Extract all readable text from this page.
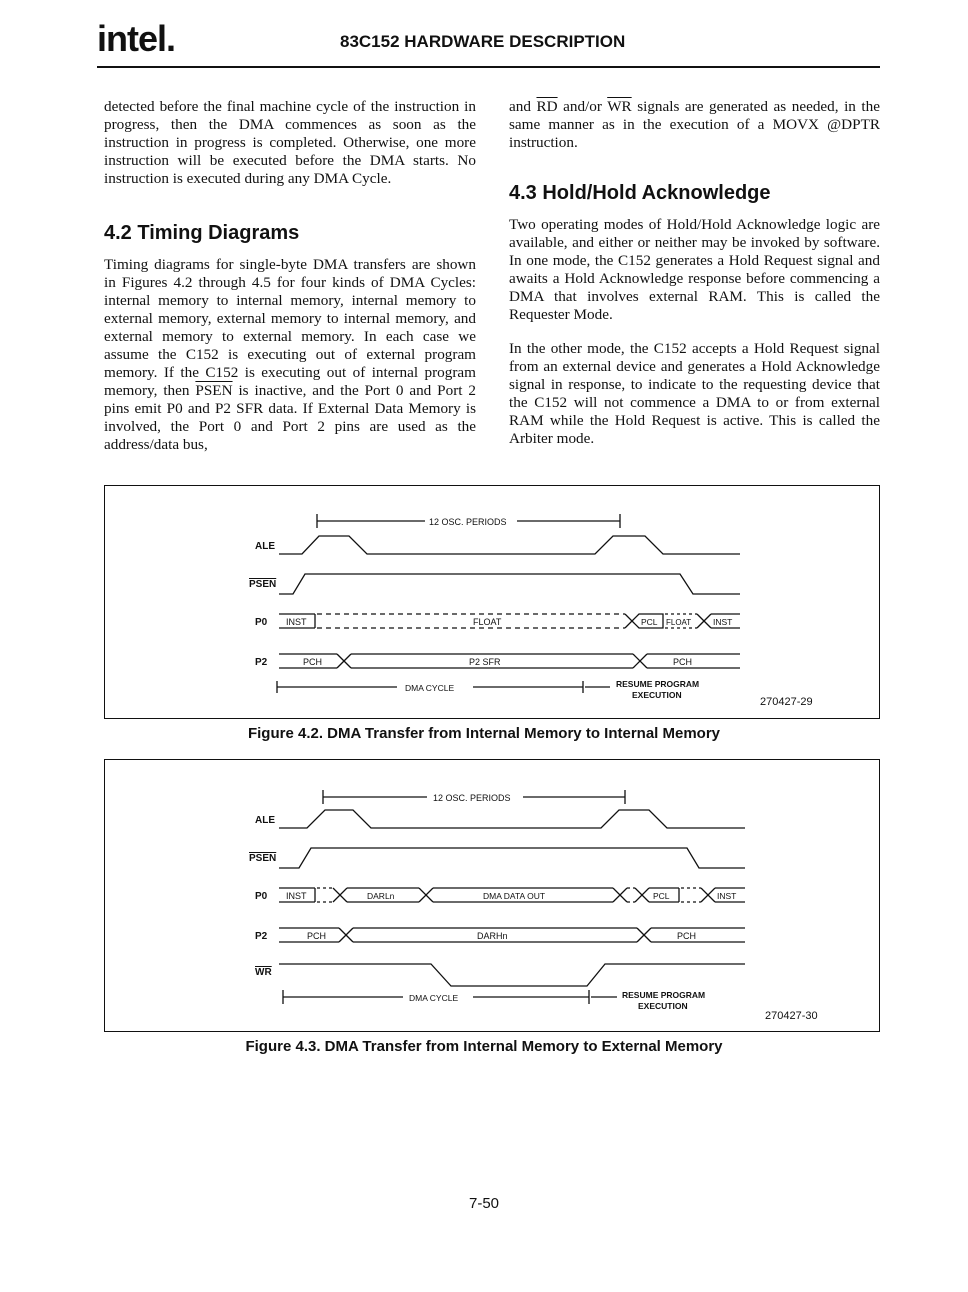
intel.	83C152 HARDWARE DESCRIPTION

detected before the final machine cycle of the instruction in progress, then the DMA commences as soon as the instruction in progress is completed. Otherwise, one more instruction will be executed before the DMA starts. No instruction is executed during any DMA Cycle.

4.2 Timing Diagrams

Timing diagrams for single-byte DMA transfers are shown in Figures 4.2 through 4.5 for four kinds of DMA Cycles: internal memory to internal memory, internal memory to external memory, external memory to internal memory, and external memory to external memory. In each case we assume the C152 is executing out of external program memory. If the C152 is executing out of internal program memory, then PSEN is inactive, and the Port 0 and Port 2 pins emit P0 and P2 SFR data. If External Data Memory is involved, the Port 0 and Port 2 pins are used as the address/data bus,

and $\overline{RD}$ and/or $\overline{WR}$ signals are generated as needed, in the same manner as in the execution of a MOVX @DPTR instruction.

4.3 Hold/Hold Acknowledge

Two operating modes of Hold/Hold Acknowledge logic are available, and either or neither may be invoked by software. In one mode, the C152 generates a Hold Request signal and awaits a Hold Acknowledge response before commencing a DMA that involves external RAM. This is called the Requester Mode.

In the other mode, the C152 accepts a Hold Request signal from an external device and generates a Hold Acknowledge signal in response, to indicate to the requesting device that the C152 will not commence a DMA to or from external RAM while the Hold Request is active. This is called the Arbiter mode.

12 OSC. PERIODS
ALE
PSEN
P0 INST	FLOAT	PCL FLOAT	INST
P2	PCH	P2 SFR	PCH
DMA CYCLE	RESUME PROGRAM
EXECUTION
270427-29
Figure 4.2. DMA Transfer from Internal Memory to Internal Memory
12 OSC. PERIODS
ALE
PSEN
P0 INST	DARLn	DMA DATA OUT	PCL	INST
P2	PCH	DARHn	PCH
WR
DMA CYCLE	RESUME PROGRAM
EXECUTION
270427-30
Figure 4.3. DMA Transfer from Internal Memory to External Memory
7-50
